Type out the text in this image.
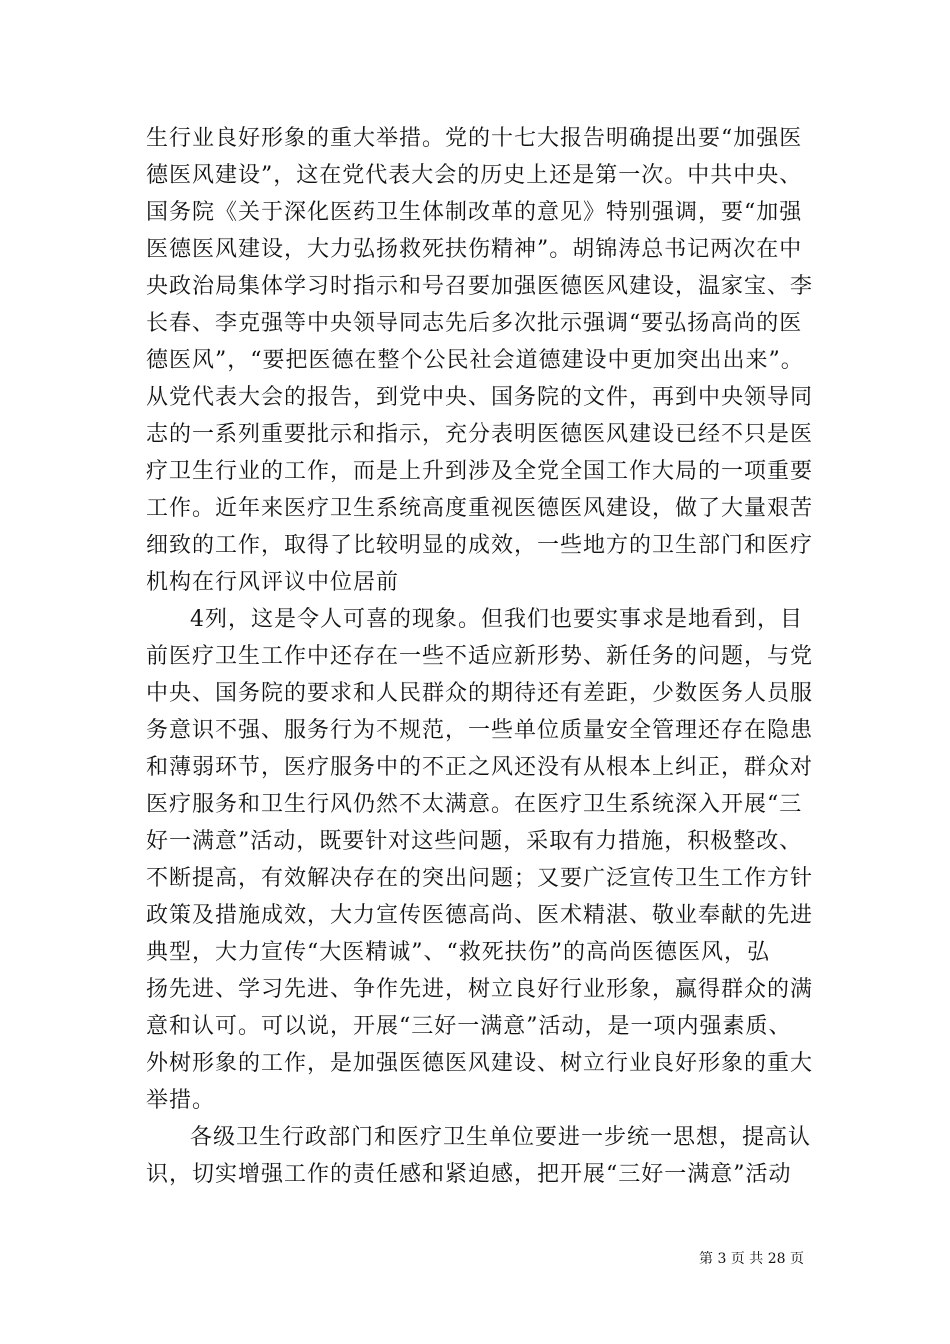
生行业良好形象的重大举措。党的十七大报告明确提出要“加强医
德医风建设”，这在党代表大会的历史上还是第一次。中共中央、
国务院《关于深化医药卫生体制改革的意见》特别强调，要“加强
医德医风建设，大力弘扬救死扶伤精神”。胡锦涛总书记两次在中
央政治局集体学习时指示和号召要加强医德医风建设，温家宝、李
长春、李克强等中央领导同志先后多次批示强调“要弘扬高尚的医
德医风”，“要把医德在整个公民社会道德建设中更加突出出来”。
从党代表大会的报告，到党中央、国务院的文件，再到中央领导同
志的一系列重要批示和指示，充分表明医德医风建设已经不只是医
疗卫生行业的工作，而是上升到涉及全党全国工作大局的一项重要
工作。近年来医疗卫生系统高度重视医德医风建设，做了大量艰苦
细致的工作，取得了比较明显的成效，一些地方的卫生部门和医疗
机构在行风评议中位居前
4列，这是令人可喜的现象。但我们也要实事求是地看到，目
前医疗卫生工作中还存在一些不适应新形势、新任务的问题，与党
中央、国务院的要求和人民群众的期待还有差距，少数医务人员服
务意识不强、服务行为不规范，一些单位质量安全管理还存在隐患
和薄弱环节，医疗服务中的不正之风还没有从根本上纠正，群众对
医疗服务和卫生行风仍然不太满意。在医疗卫生系统深入开展“三
好一满意”活动，既要针对这些问题，采取有力措施，积极整改、
不断提高，有效解决存在的突出问题；又要广泛宣传卫生工作方针
政策及措施成效，大力宣传医德高尚、医术精湛、敬业奉献的先进
典型，大力宣传“大医精诚”、“救死扶伤”的高尚医德医风，弘
扬先进、学习先进、争作先进，树立良好行业形象，赢得群众的满
意和认可。可以说，开展“三好一满意”活动，是一项内强素质、
外树形象的工作，是加强医德医风建设、树立行业良好形象的重大
举措。
各级卫生行政部门和医疗卫生单位要进一步统一思想，提高认
识，切实增强工作的责任感和紧迫感，把开展“三好一满意”活动
第 3 页 共 28 页
